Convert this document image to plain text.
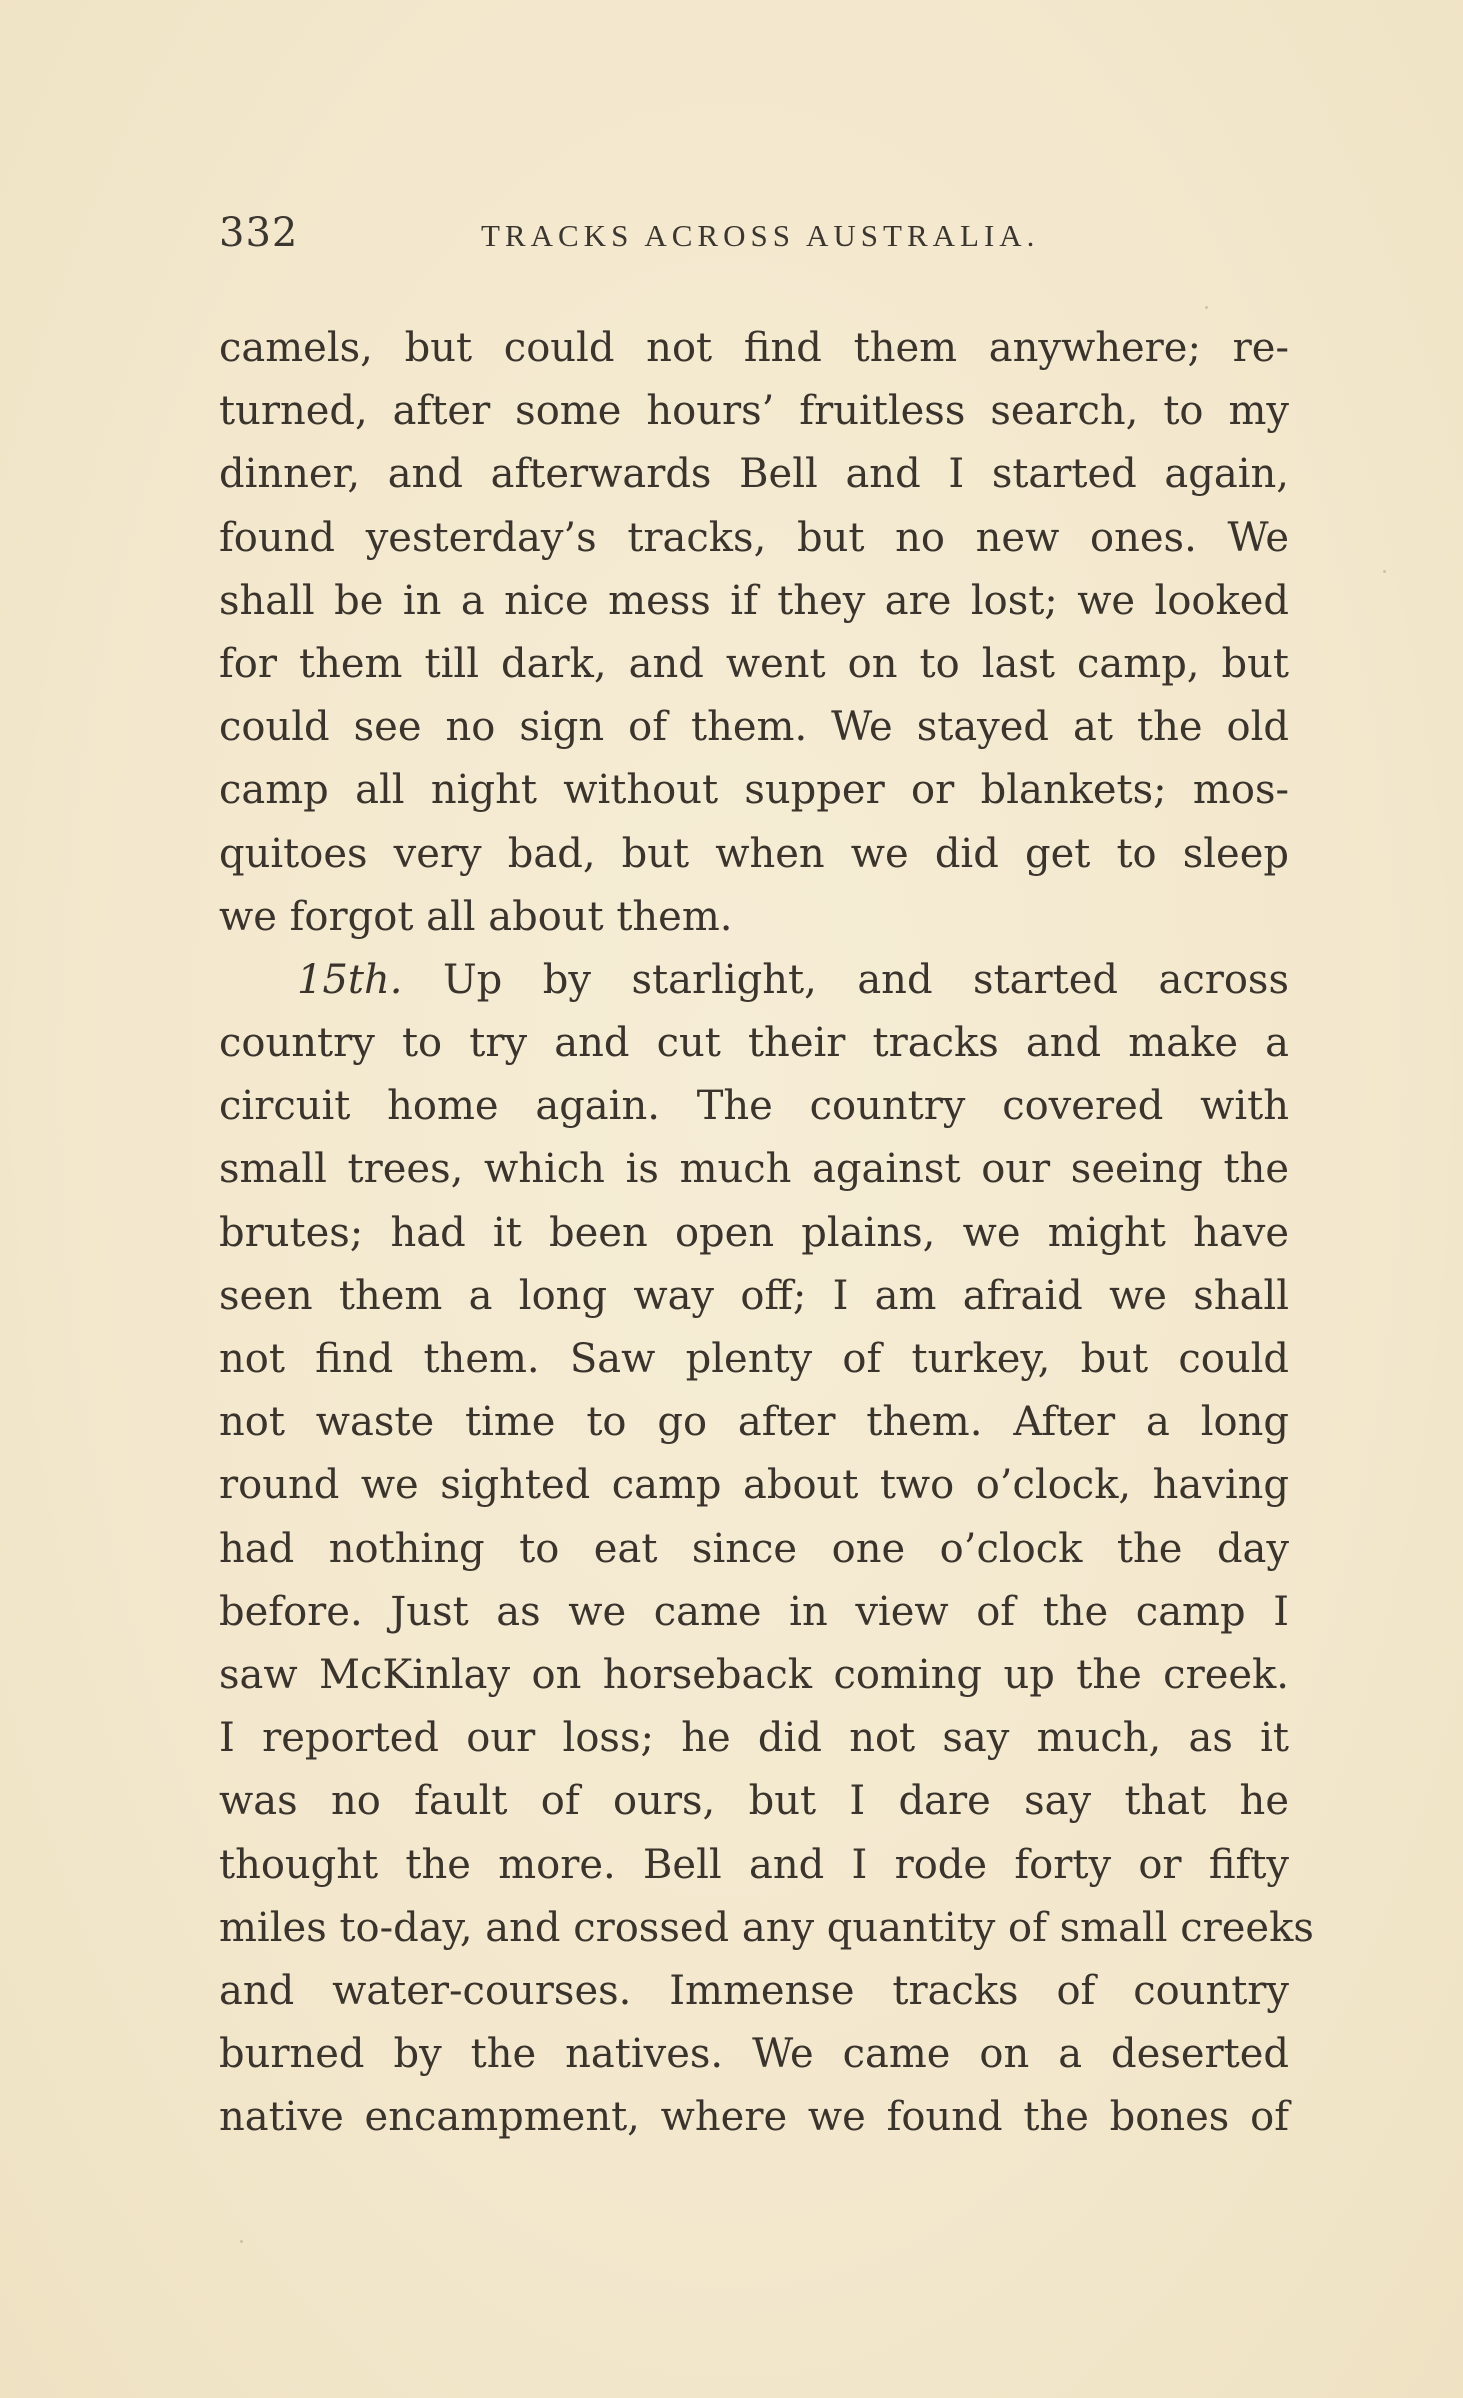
332	TRACKS ACROSS AUSTRALIA.
camels, but could not find them anywhere; re-
turned, after some hours’ fruitless search, to my
dinner, and afterwards Bell and I started again,
found yesterday’s tracks, but no new ones. We
shall be in a nice mess if they are lost; we looked
for them till dark, and went on to last camp, but
could see no sign of them. We stayed at the old
camp all night without supper or blankets; mos-
quitoes very bad, but when we did get to sleep
we forgot all about them.
15th. Up by starlight, and started across
country to try and cut their tracks and make a
circuit home again. The country covered with
small trees, which is much against our seeing the
brutes; had it been open plains, we might have
seen them a long way off; I am afraid we shall
not find them. Saw plenty of turkey, but could
not waste time to go after them. After a long
round we sighted camp about two o’clock, having
had nothing to eat since one o’clock the day
before. Just as we came in view of the camp I
saw McKinlay on horseback coming up the creek.
I reported our loss; he did not say much, as it
was no fault of ours, but I dare say that he
thought the more. Bell and I rode forty or fifty
miles to-day, and crossed any quantity of small creeks
and water-courses. Immense tracks of country
burned by the natives. We came on a deserted
native encampment, where we found the bones of
